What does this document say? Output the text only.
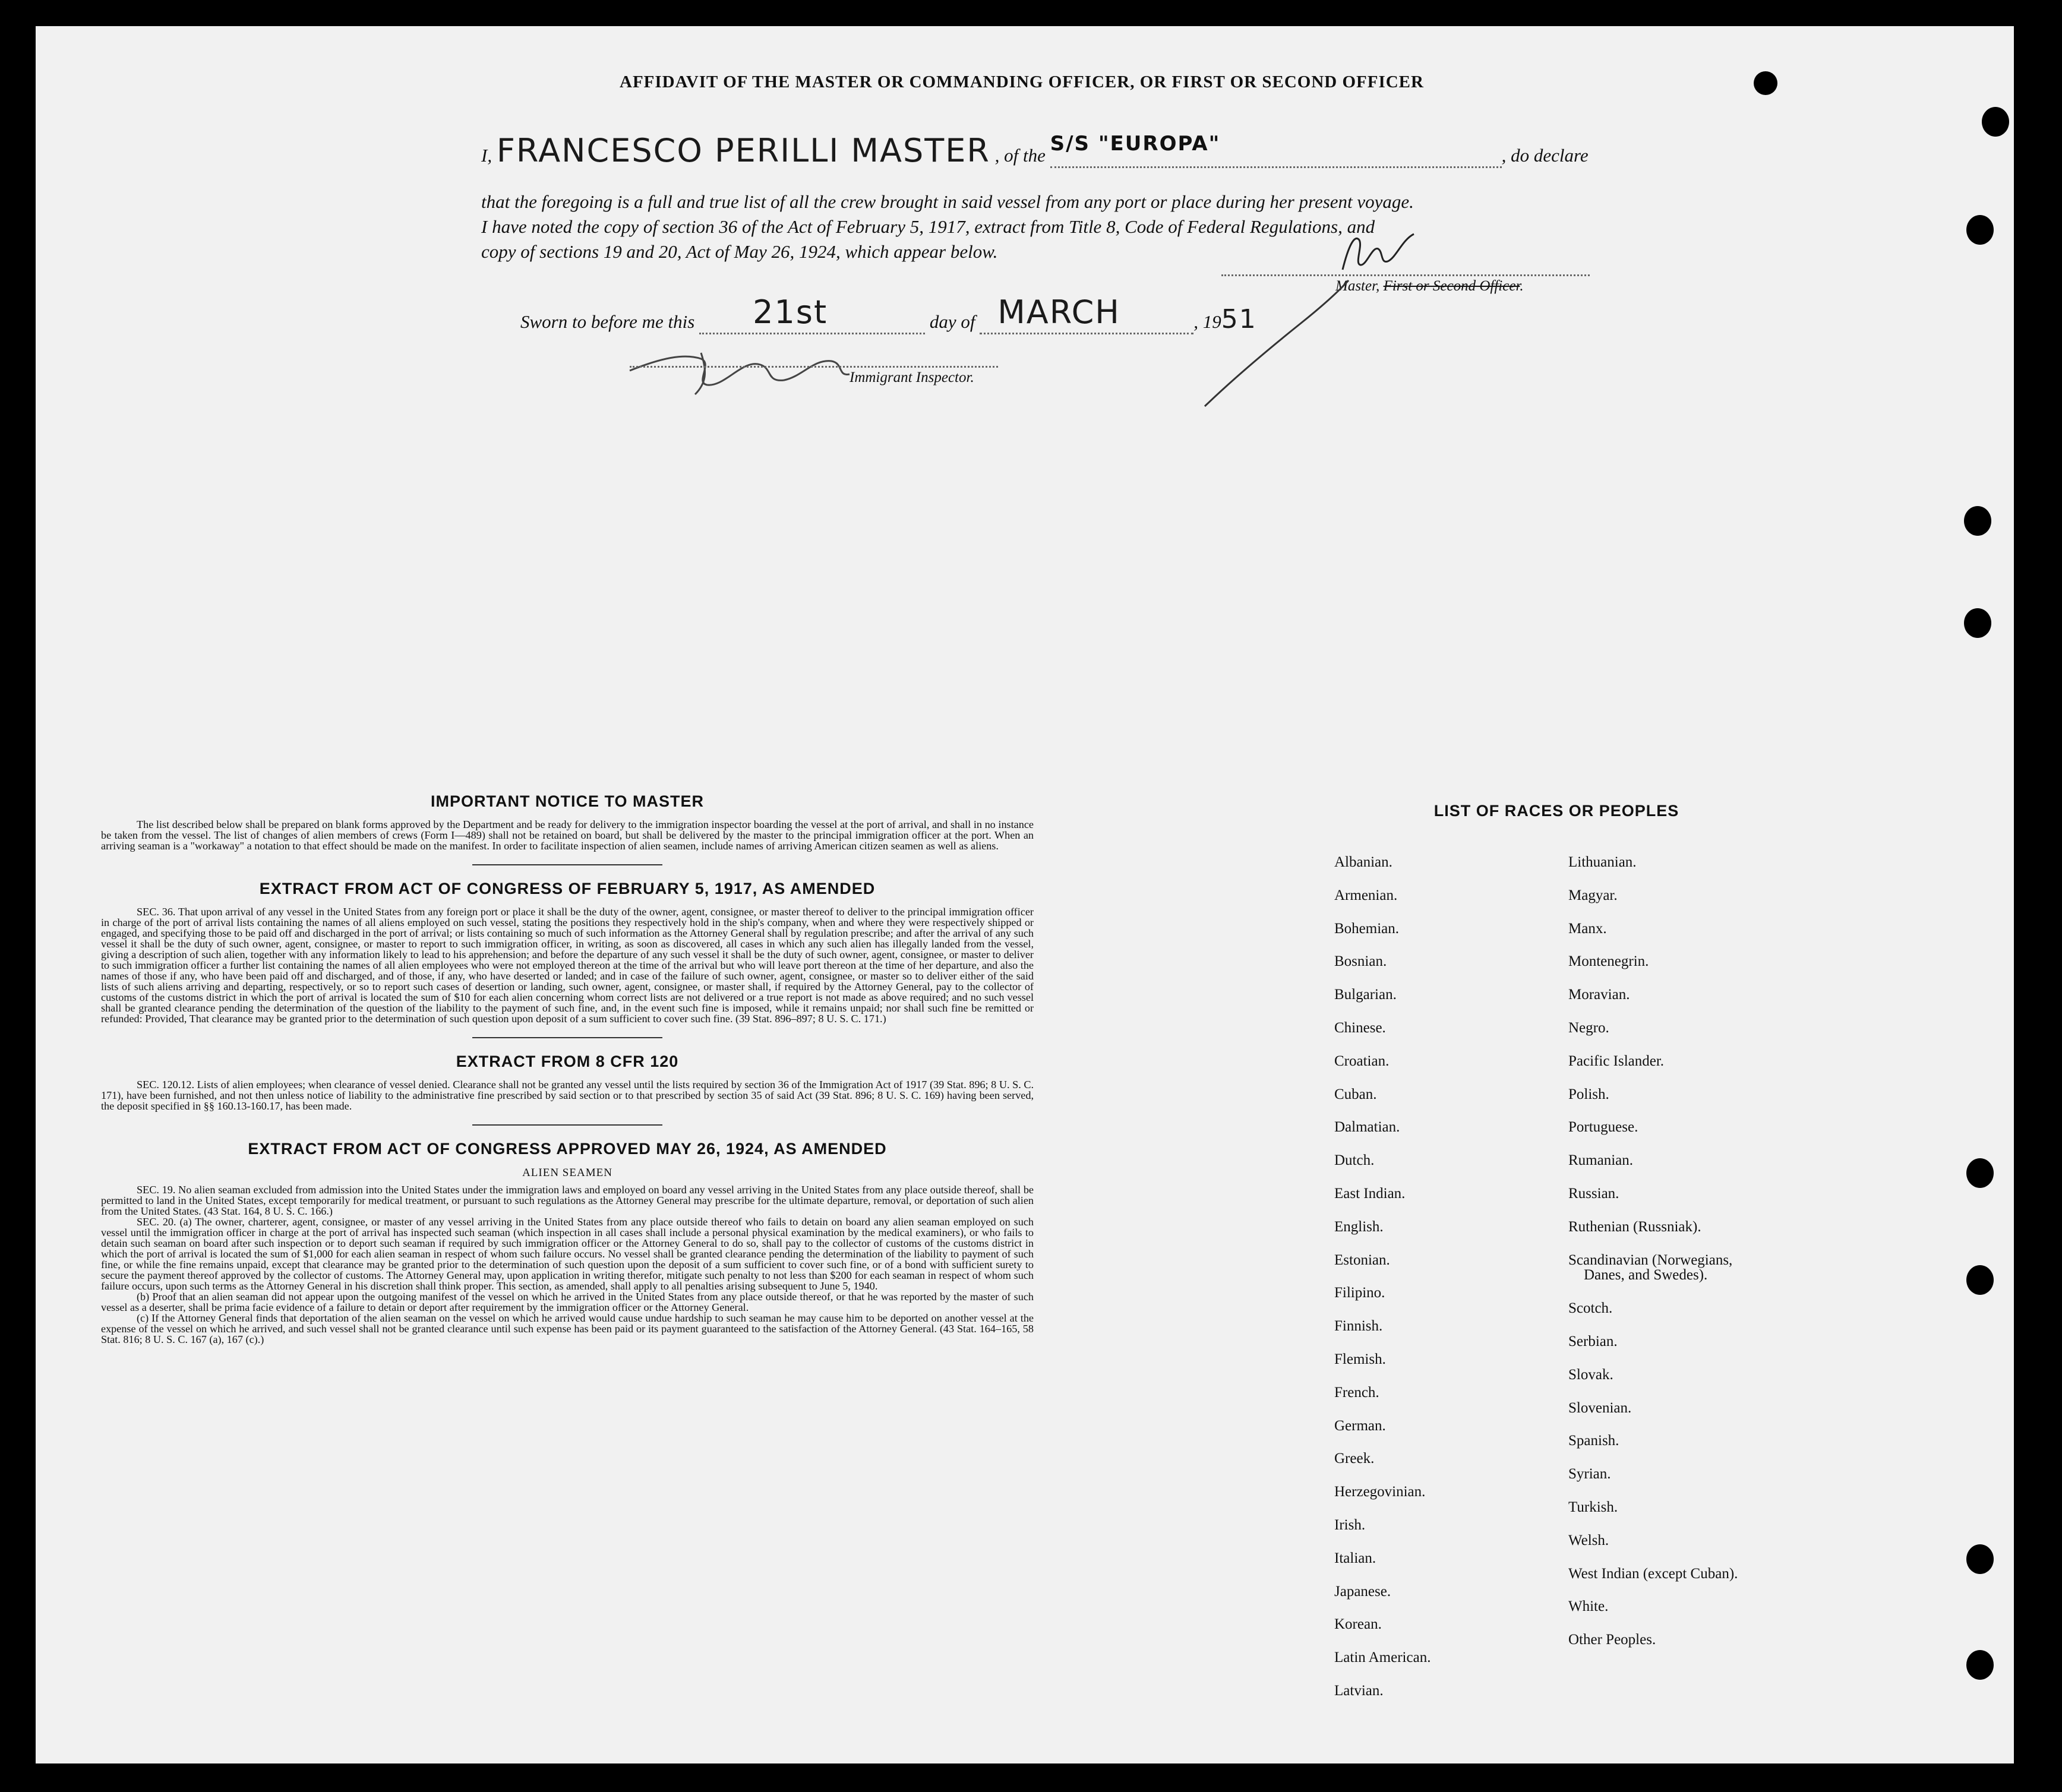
AFFIDAVIT OF THE MASTER OR COMMANDING OFFICER, OR FIRST OR SECOND OFFICER
I, FRANCESCO PERILLI MASTER , of the S/S "EUROPA"	, do declare
that the foregoing is a full and true list of all the crew brought in said vessel from any port or place during her present voyage.
I have noted the copy of section 36 of the Act of February 5, 1917, extract from Title 8, Code of Federal Regulations, and
copy of sections 19 and 20, Act of May 26, 1924, which appear below.
Master, First or Second Officer.
Sworn to before me this 21st	day of MARCH	, 1951
Immigrant Inspector.
IMPORTANT NOTICE TO MASTER

The list described below shall be prepared on blank forms approved by the Department and be ready for delivery to the immigration inspector boarding the vessel at the port of arrival, and shall in no instance be taken from the vessel. The list of changes of alien members of crews (Form I—489) shall not be retained on board, but shall be delivered by the master to the principal immigration officer at the port. When an arriving seaman is a "workaway" a notation to that effect should be made on the manifest. In order to facilitate inspection of alien seamen, include names of arriving American citizen seamen as well as aliens.

EXTRACT FROM ACT OF CONGRESS OF FEBRUARY 5, 1917, AS AMENDED

SEC. 36. That upon arrival of any vessel in the United States from any foreign port or place it shall be the duty of the owner, agent, consignee, or master thereof to deliver to the principal immigration officer in charge of the port of arrival lists containing the names of all aliens employed on such vessel, stating the positions they respectively hold in the ship's company, when and where they were respectively shipped or engaged, and specifying those to be paid off and discharged in the port of arrival; or lists containing so much of such information as the Attorney General shall by regulation prescribe; and after the arrival of any such vessel it shall be the duty of such owner, agent, consignee, or master to report to such immigration officer, in writing, as soon as discovered, all cases in which any such alien has illegally landed from the vessel, giving a description of such alien, together with any information likely to lead to his apprehension; and before the departure of any such vessel it shall be the duty of such owner, agent, consignee, or master to deliver to such immigration officer a further list containing the names of all alien employees who were not employed thereon at the time of the arrival but who will leave port thereon at the time of her departure, and also the names of those if any, who have been paid off and discharged, and of those, if any, who have deserted or landed; and in case of the failure of such owner, agent, consignee, or master so to deliver either of the said lists of such aliens arriving and departing, respectively, or so to report such cases of desertion or landing, such owner, agent, consignee, or master shall, if required by the Attorney General, pay to the collector of customs of the customs district in which the port of arrival is located the sum of $10 for each alien concerning whom correct lists are not delivered or a true report is not made as above required; and no such vessel shall be granted clearance pending the determination of the question of the liability to the payment of such fine, and, in the event such fine is imposed, while it remains unpaid; nor shall such fine be remitted or refunded: Provided, That clearance may be granted prior to the determination of such question upon deposit of a sum sufficient to cover such fine. (39 Stat. 896–897; 8 U. S. C. 171.)

EXTRACT FROM 8 CFR 120

SEC. 120.12. Lists of alien employees; when clearance of vessel denied. Clearance shall not be granted any vessel until the lists required by section 36 of the Immigration Act of 1917 (39 Stat. 896; 8 U. S. C. 171), have been furnished, and not then unless notice of liability to the administrative fine prescribed by said section or to that prescribed by section 35 of said Act (39 Stat. 896; 8 U. S. C. 169) having been served, the deposit specified in §§ 160.13-160.17, has been made.

EXTRACT FROM ACT OF CONGRESS APPROVED MAY 26, 1924, AS AMENDED
ALIEN SEAMEN

SEC. 19. No alien seaman excluded from admission into the United States under the immigration laws and employed on board any vessel arriving in the United States from any place outside thereof, shall be permitted to land in the United States, except temporarily for medical treatment, or pursuant to such regulations as the Attorney General may prescribe for the ultimate departure, removal, or deportation of such alien from the United States. (43 Stat. 164, 8 U. S. C. 166.)

SEC. 20. (a) The owner, charterer, agent, consignee, or master of any vessel arriving in the United States from any place outside thereof who fails to detain on board any alien seaman employed on such vessel until the immigration officer in charge at the port of arrival has inspected such seaman (which inspection in all cases shall include a personal physical examination by the medical examiners), or who fails to detain such seaman on board after such inspection or to deport such seaman if required by such immigration officer or the Attorney General to do so, shall pay to the collector of customs of the customs district in which the port of arrival is located the sum of $1,000 for each alien seaman in respect of whom such failure occurs. No vessel shall be granted clearance pending the determination of the liability to payment of such fine, or while the fine remains unpaid, except that clearance may be granted prior to the determination of such question upon the deposit of a sum sufficient to cover such fine, or of a bond with sufficient surety to secure the payment thereof approved by the collector of customs. The Attorney General may, upon application in writing therefor, mitigate such penalty to not less than $200 for each seaman in respect of whom such failure occurs, upon such terms as the Attorney General in his discretion shall think proper. This section, as amended, shall apply to all penalties arising subsequent to June 5, 1940.

(b) Proof that an alien seaman did not appear upon the outgoing manifest of the vessel on which he arrived in the United States from any place outside thereof, or that he was reported by the master of such vessel as a deserter, shall be prima facie evidence of a failure to detain or deport after requirement by the immigration officer or the Attorney General.

(c) If the Attorney General finds that deportation of the alien seaman on the vessel on which he arrived would cause undue hardship to such seaman he may cause him to be deported on another vessel at the expense of the vessel on which he arrived, and such vessel shall not be granted clearance until such expense has been paid or its payment guaranteed to the satisfaction of the Attorney General. (43 Stat. 164–165, 58 Stat. 816; 8 U. S. C. 167 (a), 167 (c).)

LIST OF RACES OR PEOPLES
Albanian.
Armenian.
Bohemian.
Bosnian.
Bulgarian.
Chinese.
Croatian.
Cuban.
Dalmatian.
Dutch.
East Indian.
English.
Estonian.
Filipino.
Finnish.
Flemish.
French.
German.
Greek.
Herzegovinian.
Irish.
Italian.
Japanese.
Korean.
Latin American.
Latvian.
Lithuanian.
Magyar.
Manx.
Montenegrin.
Moravian.
Negro.
Pacific Islander.
Polish.
Portuguese.
Rumanian.
Russian.
Ruthenian (Russniak).
Scandinavian (Norwegians,
Danes, and Swedes).
Scotch.
Serbian.
Slovak.
Slovenian.
Spanish.
Syrian.
Turkish.
Welsh.
West Indian (except Cuban).
White.
Other Peoples.
